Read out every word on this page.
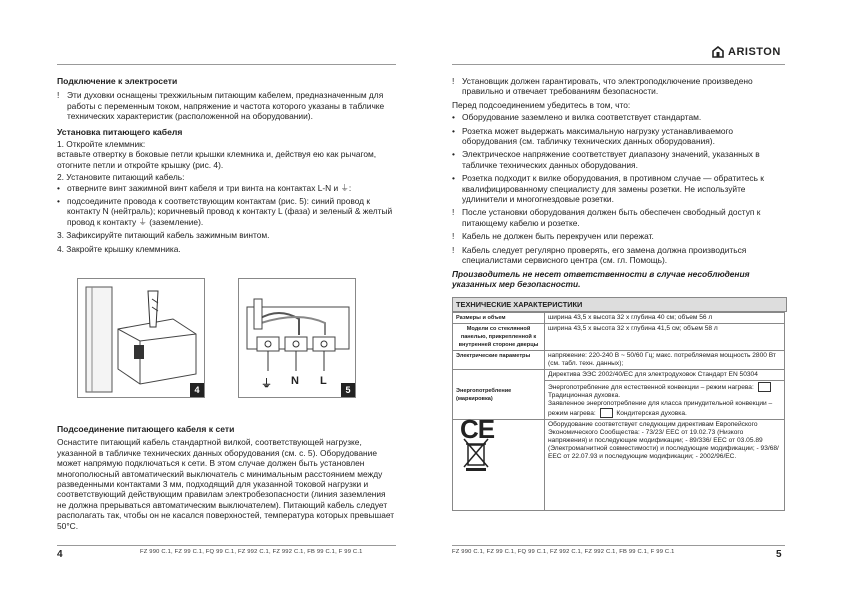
ARISTON
Подключение к электросети

! Эти духовки оснащены трехжильным питающим кабелем, предназначенным для работы с переменным током, напряжение и частота которого указаны в табличке технических характеристик (расположенной на оборудовании).

Установка питающего кабеля
1. Откройте клеммник:
вставьте отвертку в боковые петли крышки клемника и, действуя ею как рычагом, отогните петли и откройте крышку (рис. 4).
2. Установите питающий кабель:
• отверните винт зажимной винт кабеля и три винта на контактах L-N и ⏚:
• подсоедините провода к соответствующим контактам (рис. 5): синий провод к контакту N (нейтраль); коричневый провод к контакту L (фаза) и зеленый & желтый провод к контакту ⏚ (заземление).
3. Зафиксируйте питающий кабель зажимным винтом.
4. Закройте крышку клеммника.
4	⏚ N L
5
Подсоединение питающего кабеля к сети

Оснастите питающий кабель стандартной вилкой, соответствующей нагрузке, указанной в табличке технических данных оборудования (см. с. 5). Оборудование может напрямую подключаться к сети. В этом случае должен быть установлен многополюсный автоматический выключатель с минимальным расстоянием между разведенными контактами 3 мм, подходящий для указанной токовой нагрузки и соответствующий действующим правилам электробезопасности (линия заземления не должна прерываться автоматическим выключателем). Питающий кабель следует располагать так, чтобы он не касался поверхностей, температура которых превышает 50°С.

4	FZ 990 C.1, FZ 99 C.1, FQ 99 C.1, FZ 992 C.1, FZ 992 C.1, FB 99 C.1, F 99 C.1

! Установщик должен гарантировать, что электроподключение произведено правильно и отвечает требованиям безопасности.

Перед подсоединением убедитесь в том, что:
• Оборудование заземлено и вилка соответствует стандартам.
• Розетка может выдержать максимальную нагрузку устанавливаемого оборудования (см. табличку технических данных оборудования).
• Электрическое напряжение соответствует диапазону значений, указанных в табличке технических данных оборудования.
• Розетка подходит к вилке оборудования, в противном случае — обратитесь к квалифицированному специалисту для замены розетки. Не используйте удлинители и многогнездовые розетки.

! После установки оборудования должен быть обеспечен свободный доступ к питающему кабелю и розетке.

! Кабель не должен быть перекручен или пережат.

! Кабель следует регулярно проверять, его замена должна производиться специалистами сервисного центра (см. гл. Помощь).

Производитель не несет ответственности в случае несоблюдения указанных мер безопасности.

ТЕХНИЧЕСКИЕ ХАРАКТЕРИСТИКИ
Размеры и объем	ширина 43,5 х высота 32 х глубина 40 см; объем 56 л
Модели со стеклянной панелью, прикрепленной к внутренней стороне дверцы	ширина 43,5 х высота 32 х глубина 41,5 см; объем 58 л
Электрические параметры	напряжение: 220-240 В ~ 50/60 Гц; макс. потребляемая мощность 2800 Вт (см. табл. техн. данных);
Энергопотребление (маркировка)	Директива ЭЭС 2002/40/ЕС для электродуховок Стандарт EN 50304
	Энергопотребление для естественной конвекции – режим нагрева:  Традиционная духовка.
Заявленное энергопотребление для класса принудительной конвекции – режим нагрева: Кондитерская духовка.

CE	Оборудование соответствует следующим директивам Европейского Экономического Сообщества: - 73/23/ ЕЕС от 19.02.73 (Низкого напряжения) и последующие модификации; - 89/336/ ЕЕС от 03.05.89 (Электромагнитной совместимости) и последующие модификации; - 93/68/ЕЕС от 22.07.93 и последующие модификации; - 2002/96/ЕС.
FZ 990 C.1, FZ 99 C.1, FQ 99 C.1, FZ 992 C.1, FZ 992 C.1, FB 99 C.1, F 99 C.1	5
